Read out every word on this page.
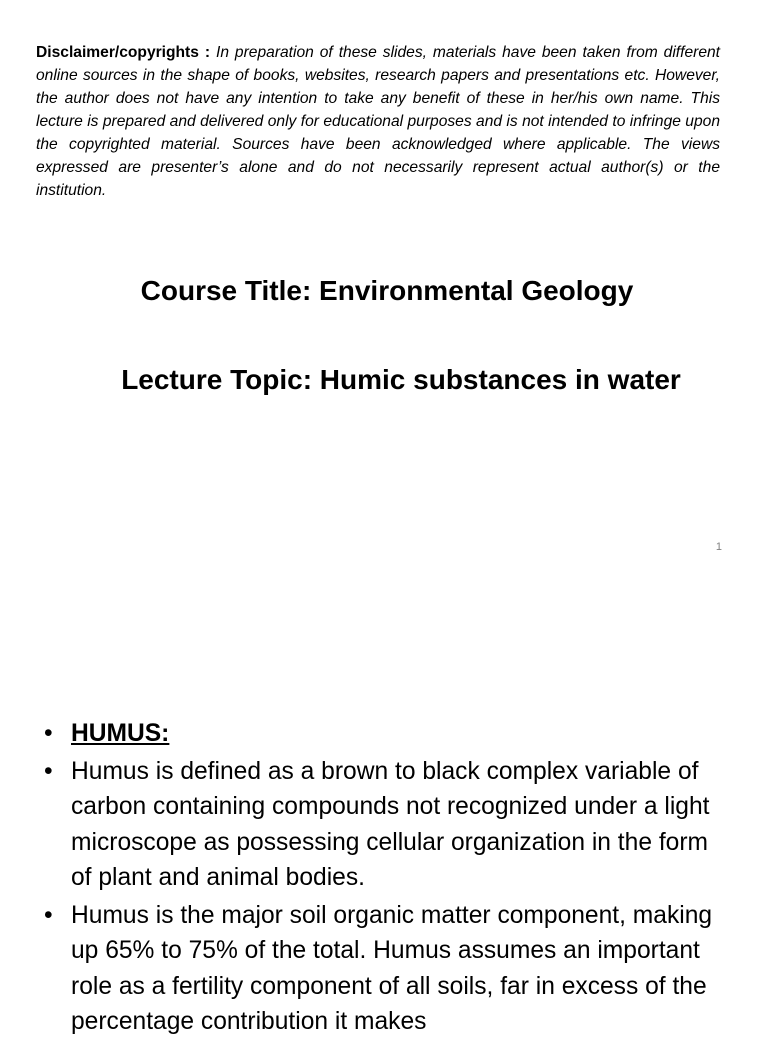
Disclaimer/copyrights : In preparation of these slides, materials have been taken from different online sources in the shape of books, websites, research papers and presentations etc. However, the author does not have any intention to take any benefit of these in her/his own name. This lecture is prepared and delivered only for educational purposes and is not intended to infringe upon the copyrighted material. Sources have been acknowledged where applicable. The views expressed are presenter’s alone and do not necessarily represent actual author(s) or the institution.

Course Title: Environmental Geology
Lecture Topic: Humic substances in water
1
• HUMUS:
• Humus is defined as a brown to black complex variable of carbon containing compounds not recognized under a light microscope as possessing cellular organization in the form of plant and animal bodies.
• Humus is the major soil organic matter component, making up 65% to 75% of the total. Humus assumes an important role as a fertility component of all soils, far in excess of the percentage contribution it makes
